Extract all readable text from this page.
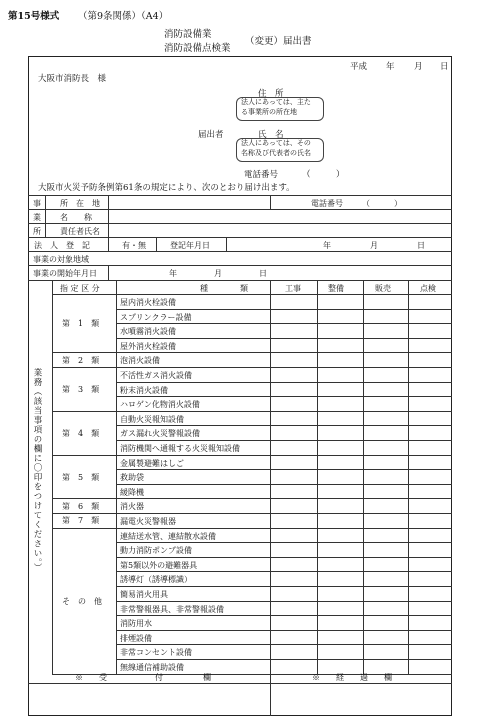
第15号様式 （第9条関係）（A4）
消防設備業
消防設備点検業
（変更）届出書
平成 年 月 日
大阪市消防長　様
住　所
法人にあっては、主た
る事業所の所在地
届出者	氏　名
法人にあっては、その
名称及び代表者の氏名
電話番号	（　　　）
大阪市火災予防条例第61条の規定により、次のとおり届け出ます。
事
業
所
所　在　地	電話番号 （　　　）
名　　称
責任者氏名
法　人　登　記	有・無	登記年月日	年	月	日
事業の対象地域
事業の開始年月日	年	月	日
指 定 区 分	種　　　　類	工事	整備	販売	点検
第　1　類
屋内消火栓設備
スプリンクラー設備
水噴霧消火設備
屋外消火栓設備
第　2　類	泡消火設備
第　3　類
不活性ガス消火設備
粉末消火設備
ハロゲン化物消火設備
第　4　類
自動火災報知設備
ガス漏れ火災警報設備
消防機関へ通報する火災報知設備
第　5　類
金属製避難はしご
救助袋
緩降機
第　6　類	消火器
第　7　類	漏電火災警報器
そ　の　他
連結送水管、連結散水設備
動力消防ポンプ設備
第5類以外の避難器具
誘導灯（誘導標識）
簡易消火用具
非常警報器具、非常警報設備
消防用水
排煙設備
非常コンセント設備
無線通信補助設備
業務（該当事項の欄に〇印をつけてください。）
※　　受　　　　　　付　　　　　欄	※　　経　　過　　欄
